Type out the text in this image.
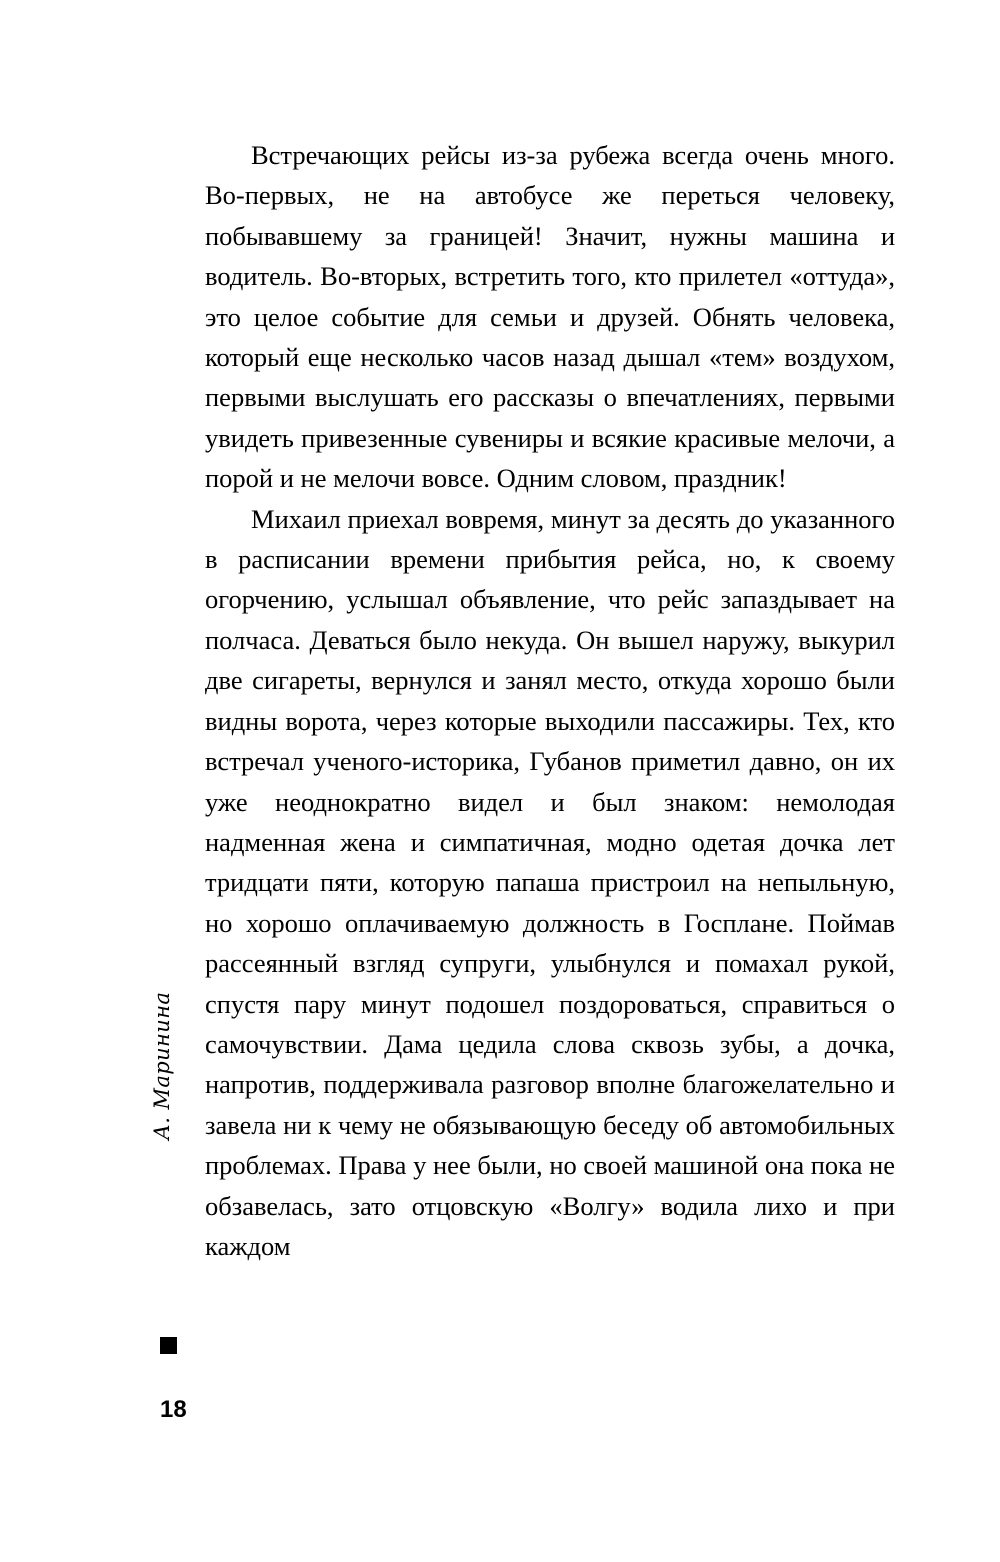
А. Маринина

Встречающих рейсы из-за рубежа всегда очень много. Во-первых, не на автобусе же переться человеку, побывавшему за границей! Значит, нужны машина и водитель. Во-вторых, встретить того, кто прилетел «оттуда», это целое событие для семьи и друзей. Обнять человека, который еще несколько часов назад дышал «тем» воздухом, первыми выслушать его рассказы о впечатлениях, первыми увидеть привезенные сувениры и всякие красивые мелочи, а порой и не мелочи вовсе. Одним словом, праздник!

Михаил приехал вовремя, минут за десять до указанного в расписании времени прибытия рейса, но, к своему огорчению, услышал объявление, что рейс запаздывает на полчаса. Деваться было некуда. Он вышел наружу, выкурил две сигареты, вернулся и занял место, откуда хорошо были видны ворота, через которые выходили пассажиры. Тех, кто встречал ученого-историка, Губанов приметил давно, он их уже неоднократно видел и был знаком: немолодая надменная жена и симпатичная, модно одетая дочка лет тридцати пяти, которую папаша пристроил на непыльную, но хорошо оплачиваемую должность в Госплане. Поймав рассеянный взгляд супруги, улыбнулся и помахал рукой, спустя пару минут подошел поздороваться, справиться о самочувствии. Дама цедила слова сквозь зубы, а дочка, напротив, поддерживала разговор вполне благожелательно и завела ни к чему не обязывающую беседу об автомобильных проблемах. Права у нее были, но своей машиной она пока не обзавелась, зато отцовскую «Волгу» водила лихо и при каждом

18
